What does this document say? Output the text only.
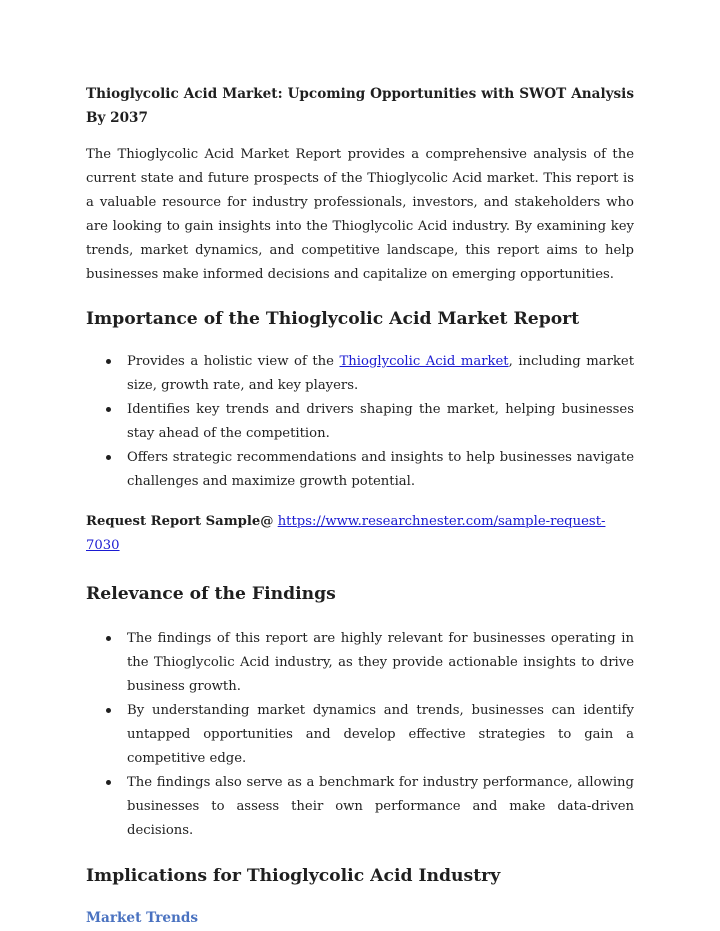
Thioglycolic Acid Market: Upcoming Opportunities with SWOT Analysis By 2037

The Thioglycolic Acid Market Report provides a comprehensive analysis of the current state and future prospects of the Thioglycolic Acid market. This report is a valuable resource for industry professionals, investors, and stakeholders who are looking to gain insights into the Thioglycolic Acid industry. By examining key trends, market dynamics, and competitive landscape, this report aims to help businesses make informed decisions and capitalize on emerging opportunities.

Importance of the Thioglycolic Acid Market Report
Provides a holistic view of the Thioglycolic Acid market, including market size, growth rate, and key players.
Identifies key trends and drivers shaping the market, helping businesses stay ahead of the competition.
Offers strategic recommendations and insights to help businesses navigate challenges and maximize growth potential.
Request Report Sample@ https://www.researchnester.com/sample-request-7030
Relevance of the Findings
The findings of this report are highly relevant for businesses operating in the Thioglycolic Acid industry, as they provide actionable insights to drive business growth.
By understanding market dynamics and trends, businesses can identify untapped opportunities and develop effective strategies to gain a competitive edge.
The findings also serve as a benchmark for industry performance, allowing businesses to assess their own performance and make data-driven decisions.
Implications for Thioglycolic Acid Industry
Market Trends
